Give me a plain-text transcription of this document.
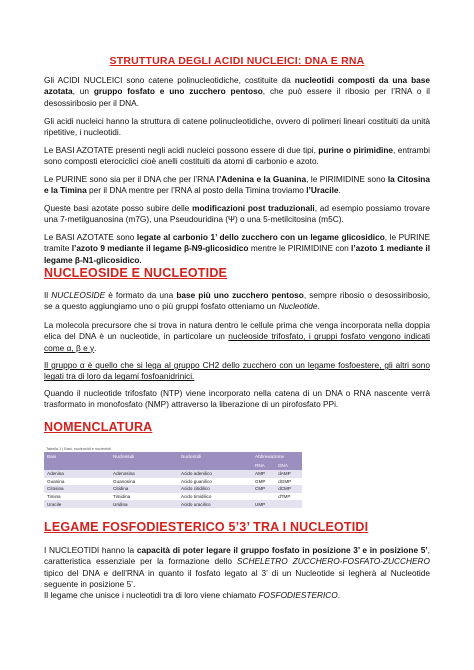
STRUTTURA DEGLI ACIDI NUCLEICI: DNA E RNA
Gli ACIDI NUCLEICI sono catene polinucleotidiche, costituite da nucleotidi composti da una base azotata, un gruppo fosfato e uno zucchero pentoso, che può essere il ribosio per l’RNA o il desossiribosio per il DNA.
Gli acidi nucleici hanno la struttura di catene polinucleotidiche, ovvero di polimeri lineari costituiti da unità ripetitive, i nucleotidi.
Le BASI AZOTATE presenti negli acidi nucleici possono essere di due tipi, purine o pirimidine, entrambi sono composti eterociclici cioè anelli costituiti da atomi di carbonio e azoto.
Le PURINE sono sia per il DNA che per l’RNA l’Adenina e la Guanina, le PIRIMIDINE sono la Citosina e la Timina per il DNA mentre per l’RNA al posto della Timina troviamo l’Uracile.
Queste basi azotate posso subire delle modificazioni post traduzionali, ad esempio possiamo trovare una 7-metilguanosina (m7G), una Pseudouridina (Ψ) o una 5-metilcitosina (m5C).
Le BASI AZOTATE sono legate al carbonio 1’ dello zucchero con un legame glicosidico, le PURINE tramite l’azoto 9 mediante il legame β-N9-glicosidico mentre le PIRIMIDINE con l’azoto 1 mediante il legame β-N1-glicosidico.
NUCLEOSIDE E NUCLEOTIDE
Il NUCLEOSIDE è formato da una base più uno zucchero pentoso, sempre ribosio o desossiribosio, se a questo aggiungiamo uno o più gruppi fosfato otteniamo un Nucleotide.
La molecola precursore che si trova in natura dentro le cellule prima che venga incorporata nella doppia elica del DNA è un nucleotide, in particolare un nucleoside trifosfato, i gruppi fosfato vengono indicati come α, β e γ.
Il gruppo α è quello che si lega al gruppo CH2 dello zucchero con un legame fosfoestere, gli altri sono legati tra di loro da legami fosfoanidrinici.
Quando il nucleotide trifosfato (NTP) viene incorporato nella catena di un DNA o RNA nascente verrà trasformato in monofosfato (NMP) attraverso la liberazione di un pirofosfato PPi.
NOMENCLATURA
Tabella 1 | Basi, nucleosidi e nucleotidi
Basi	Nucleosidi	Nucleotidi	Abbreviazione	
			RNA	DNA
Adenina	Adenosina	Acido adenilico	AMP	dAMP
Guanina	Guanosina	Acido guanilico	GMP	dGMP
Citosina	Citidina	Acido citidilico	CMP	dCMP
Timina	Timidina	Acido timidilico		dTMP
Uracile	Uridina	Acido uracilico	UMP	
LEGAME FOSFODIESTERICO 5’3’ TRA I NUCLEOTIDI
I NUCLEOTIDI hanno la capacità di poter legare il gruppo fosfato in posizione 3’ e in posizione 5’, caratteristica essenziale per la formazione dello SCHELETRO ZUCCHERO-FOSFATO-ZUCCHERO tipico del DNA e dell’RNA in quanto il fosfato legato al 3’ di un Nucleotide si legherà al Nucleotide seguente in posizione 5’.
Il legame che unisce i nucleotidi tra di loro viene chiamato FOSFODIESTERICO.
